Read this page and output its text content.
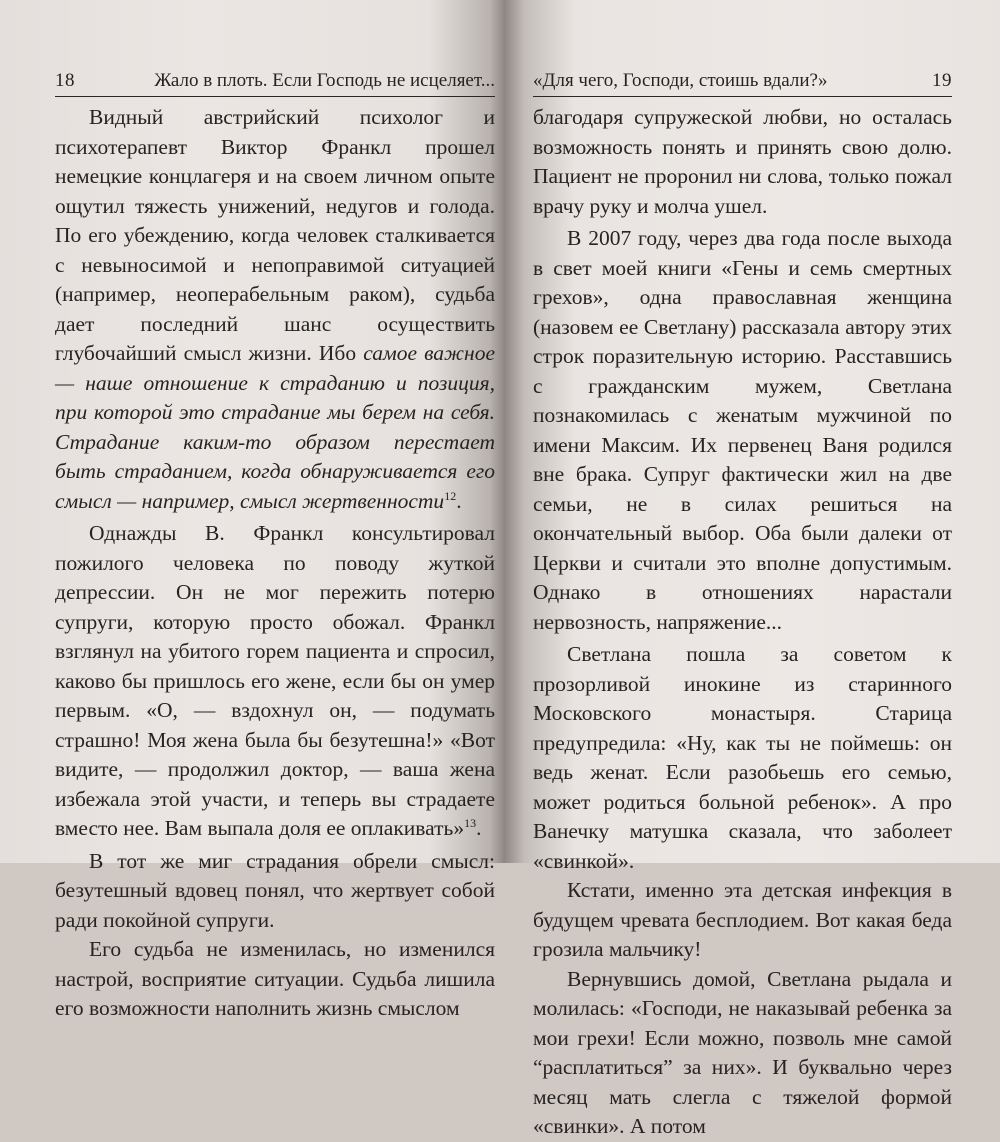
18	Жало в плоть. Если Господь не исцеляет...

Видный австрийский психолог и психотерапевт Виктор Франкл прошел немецкие концлагеря и на своем личном опыте ощутил тяжесть унижений, недугов и голода. По его убеждению, когда человек сталкивается с невыносимой и непоправимой ситуацией (например, неоперабельным раком), судьба дает последний шанс осуществить глубочайший смысл жизни. Ибо самое важное — наше отношение к страданию и позиция, при которой это страдание мы берем на себя. Страдание каким-то образом перестает быть страданием, когда обнаруживается его смысл — например, смысл жертвенности$^{12}$.

Однажды В. Франкл консультировал пожилого человека по поводу жуткой депрессии. Он не мог пережить потерю супруги, которую просто обожал. Франкл взглянул на убитого горем пациента и спросил, каково бы пришлось его жене, если бы он умер первым. «О, — вздохнул он, — подумать страшно! Моя жена была бы безутешна!» «Вот видите, — продолжил доктор, — ваша жена избежала этой участи, и теперь вы страдаете вместо нее. Вам выпала доля ее оплакивать»$^{13}$.

В тот же миг страдания обрели смысл: безутешный вдовец понял, что жертвует собой ради покойной супруги.

Его судьба не изменилась, но изменился настрой, восприятие ситуации. Судьба лишила его возможности наполнить жизнь смыслом

«Для чего, Господи, стоишь вдали?»	19

благодаря супружеской любви, но осталась возможность понять и принять свою долю. Пациент не проронил ни слова, только пожал врачу руку и молча ушел.

В 2007 году, через два года после выхода в свет моей книги «Гены и семь смертных грехов», одна православная женщина (назовем ее Светлану) рассказала автору этих строк поразительную историю. Расставшись с гражданским мужем, Светлана познакомилась с женатым мужчиной по имени Максим. Их первенец Ваня родился вне брака. Супруг фактически жил на две семьи, не в силах решиться на окончательный выбор. Оба были далеки от Церкви и считали это вполне допустимым. Однако в отношениях нарастали нервозность, напряжение...

Светлана пошла за советом к прозорливой инокине из старинного Московского монастыря. Старица предупредила: «Ну, как ты не поймешь: он ведь женат. Если разобьешь его семью, может родиться больной ребенок». А про Ванечку матушка сказала, что заболеет «свинкой».

Кстати, именно эта детская инфекция в будущем чревата бесплодием. Вот какая беда грозила мальчику!

Вернувшись домой, Светлана рыдала и молилась: «Господи, не наказывай ребенка за мои грехи! Если можно, позволь мне самой “расплатиться” за них». И буквально через месяц мать слегла с тяжелой формой «свинки». А потом
